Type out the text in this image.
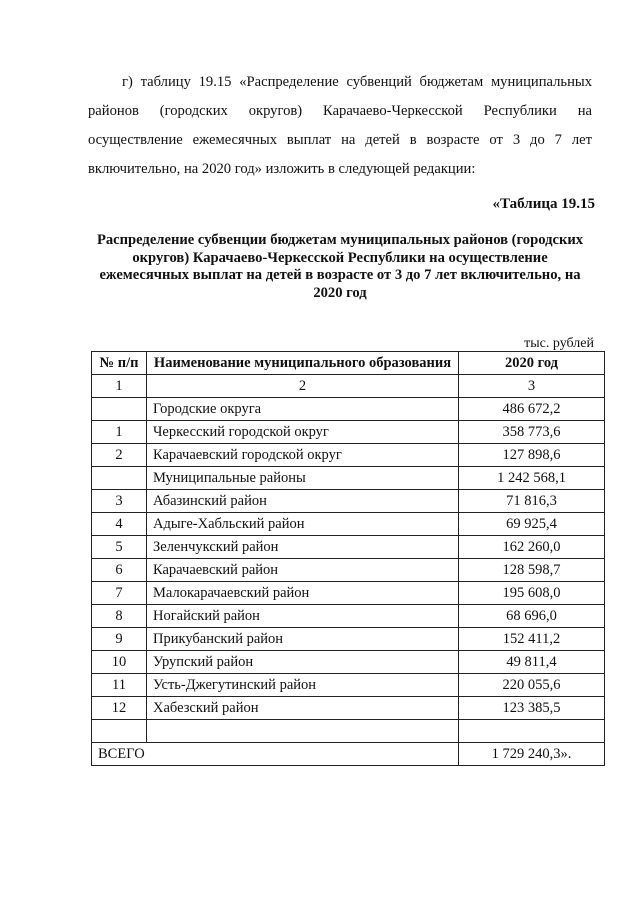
г) таблицу 19.15 «Распределение субвенций бюджетам муниципальных районов (городских округов) Карачаево-Черкесской Республики на осуществление ежемесячных выплат на детей в возрасте от 3 до 7 лет включительно, на 2020 год» изложить в следующей редакции:

«Таблица 19.15
Распределение субвенции бюджетам муниципальных районов (городских округов) Карачаево-Черкесской Республики на осуществление ежемесячных выплат на детей в возрасте от 3 до 7 лет включительно, на 2020 год
тыс. рублей
№ п/п	Наименование муниципального образования	2020 год
1	2	3
	Городские округа	486 672,2
1	Черкесский городской округ	358 773,6
2	Карачаевский городской округ	127 898,6
	Муниципальные районы	1 242 568,1
3	Абазинский район	71 816,3
4	Адыге-Хабльский район	69 925,4
5	Зеленчукский район	162 260,0
6	Карачаевский район	128 598,7
7	Малокарачаевский район	195 608,0
8	Ногайский район	68 696,0
9	Прикубанский район	152 411,2
10	Урупский район	49 811,4
11	Усть-Джегутинский район	220 055,6
12	Хабезский район	123 385,5

ВСЕГО		1 729 240,3».
